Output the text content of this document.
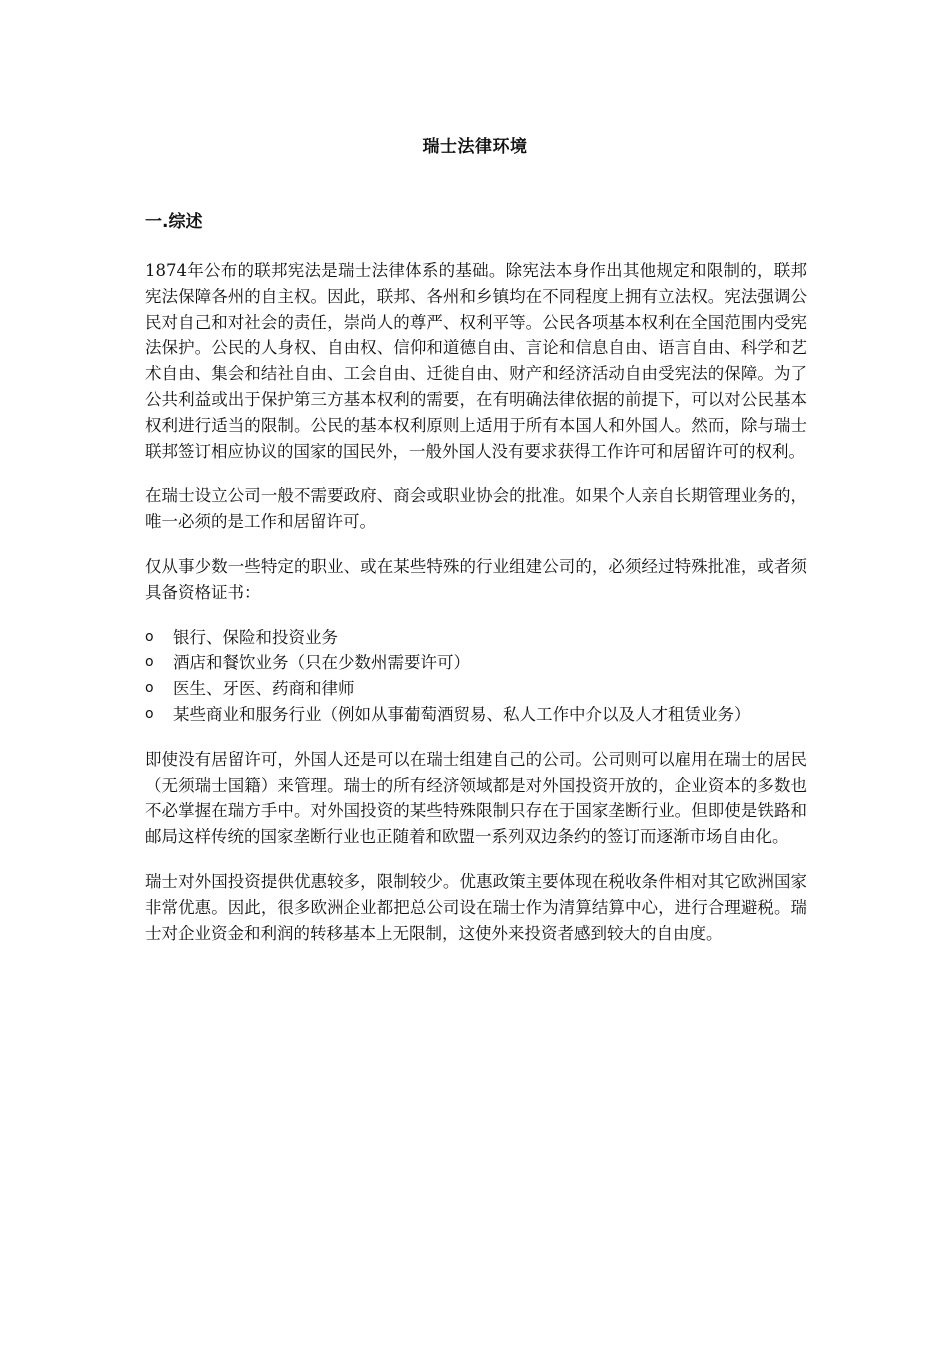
瑞士法律环境
一.综述

1874年公布的联邦宪法是瑞士法律体系的基础。除宪法本身作出其他规定和限制的，联邦宪法保障各州的自主权。因此，联邦、各州和乡镇均在不同程度上拥有立法权。宪法强调公民对自己和对社会的责任，崇尚人的尊严、权利平等。公民各项基本权利在全国范围内受宪法保护。公民的人身权、自由权、信仰和道德自由、言论和信息自由、语言自由、科学和艺术自由、集会和结社自由、工会自由、迁徙自由、财产和经济活动自由受宪法的保障。为了公共利益或出于保护第三方基本权利的需要，在有明确法律依据的前提下，可以对公民基本权利进行适当的限制。公民的基本权利原则上适用于所有本国人和外国人。然而，除与瑞士联邦签订相应协议的国家的国民外，一般外国人没有要求获得工作许可和居留许可的权利。

在瑞士设立公司一般不需要政府、商会或职业协会的批准。如果个人亲自长期管理业务的，唯一必须的是工作和居留许可。

仅从事少数一些特定的职业、或在某些特殊的行业组建公司的，必须经过特殊批准，或者须具备资格证书：

o 银行、保险和投资业务
o 酒店和餐饮业务（只在少数州需要许可）
o 医生、牙医、药商和律师
o 某些商业和服务行业（例如从事葡萄酒贸易、私人工作中介以及人才租赁业务）

即使没有居留许可，外国人还是可以在瑞士组建自己的公司。公司则可以雇用在瑞士的居民（无须瑞士国籍）来管理。瑞士的所有经济领域都是对外国投资开放的，企业资本的多数也不必掌握在瑞方手中。对外国投资的某些特殊限制只存在于国家垄断行业。但即使是铁路和邮局这样传统的国家垄断行业也正随着和欧盟一系列双边条约的签订而逐渐市场自由化。

瑞士对外国投资提供优惠较多，限制较少。优惠政策主要体现在税收条件相对其它欧洲国家非常优惠。因此，很多欧洲企业都把总公司设在瑞士作为清算结算中心，进行合理避税。瑞士对企业资金和利润的转移基本上无限制，这使外来投资者感到较大的自由度。
